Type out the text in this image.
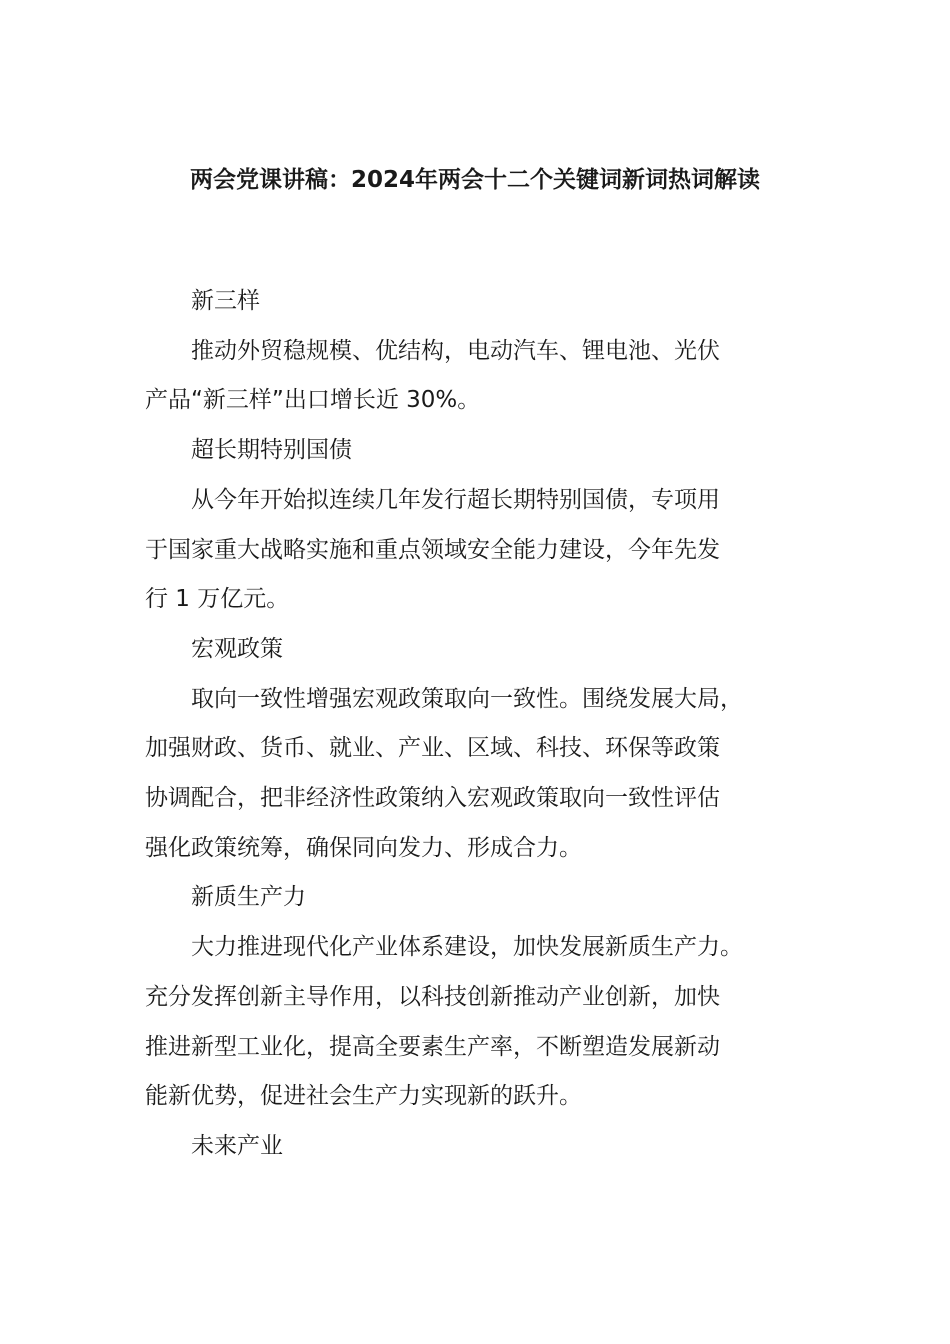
两会党课讲稿：2024年两会十二个关键词新词热词解读

新三样

推动外贸稳规模、优结构，电动汽车、锂电池、光伏
产品“新三样”出口增长近 30%。

超长期特别国债

从今年开始拟连续几年发行超长期特别国债，专项用
于国家重大战略实施和重点领域安全能力建设，今年先发
行 1 万亿元。

宏观政策

取向一致性增强宏观政策取向一致性。围绕发展大局，
加强财政、货币、就业、产业、区域、科技、环保等政策
协调配合，把非经济性政策纳入宏观政策取向一致性评估
强化政策统筹，确保同向发力、形成合力。

新质生产力

大力推进现代化产业体系建设，加快发展新质生产力。
充分发挥创新主导作用，以科技创新推动产业创新，加快
推进新型工业化，提高全要素生产率，不断塑造发展新动
能新优势，促进社会生产力实现新的跃升。

未来产业
